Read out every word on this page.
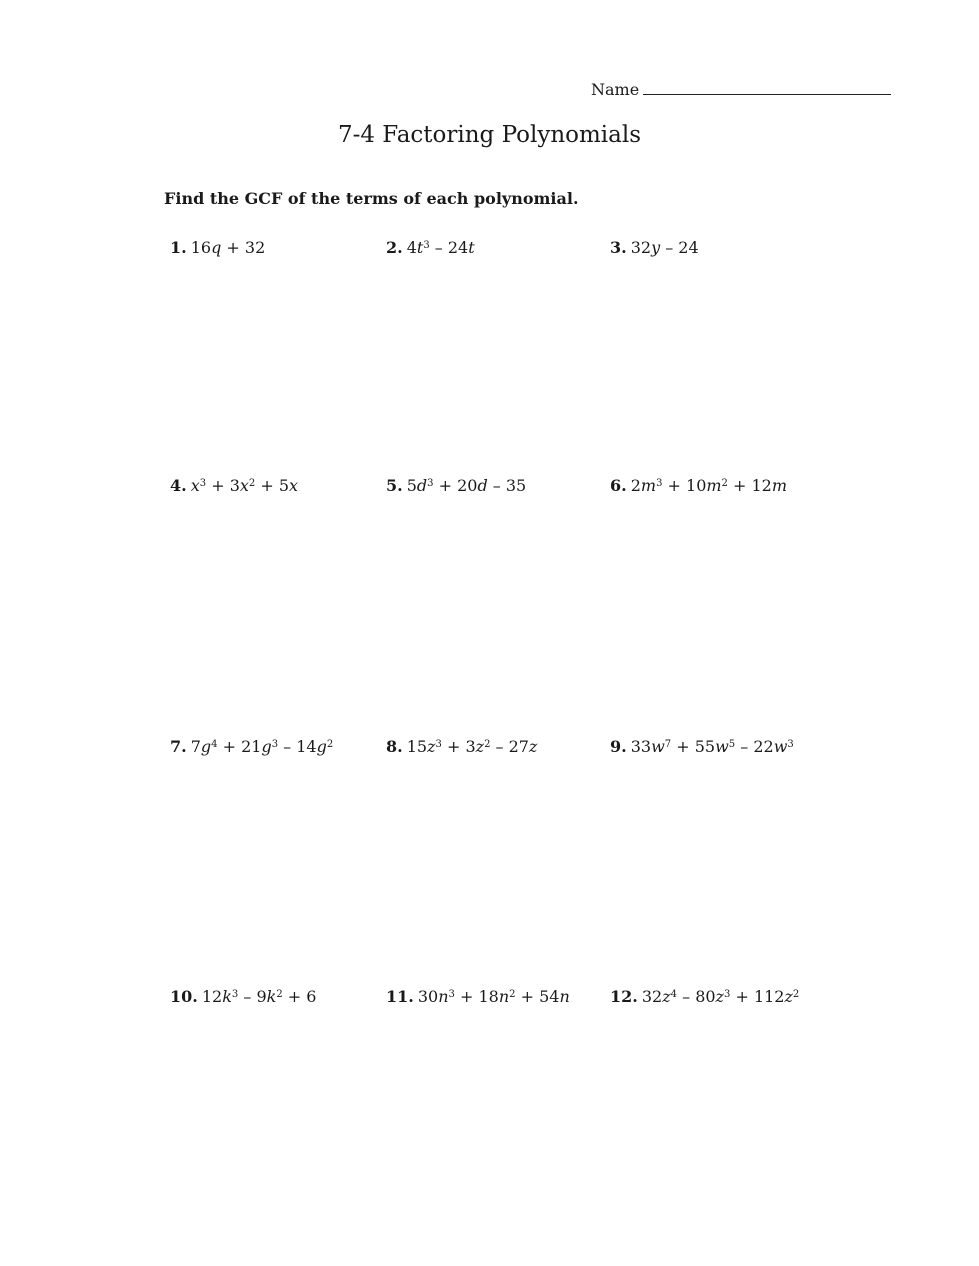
Name
7-4 Factoring Polynomials
Find the GCF of the terms of each polynomial.
1. 16q + 32	2. $4t^3 - 24t$	3. 32y – 24
4. $x^3 + 3x^2 + 5x$	5. $5d^3 + 20d - 35$	6. $2m^3 + 10m^2 + 12m$
7. $7g^4 + 21g^3 - 14g^2$	8. $15z^3 + 3z^2 - 27z$	9. $33w^7 + 55w^5 - 22w^3$
10. $12k^3 - 9k^2 + 6$	11. $30n^3 + 18n^2 + 54n$	12. $32z^4 - 80z^3 + 112z^2$
